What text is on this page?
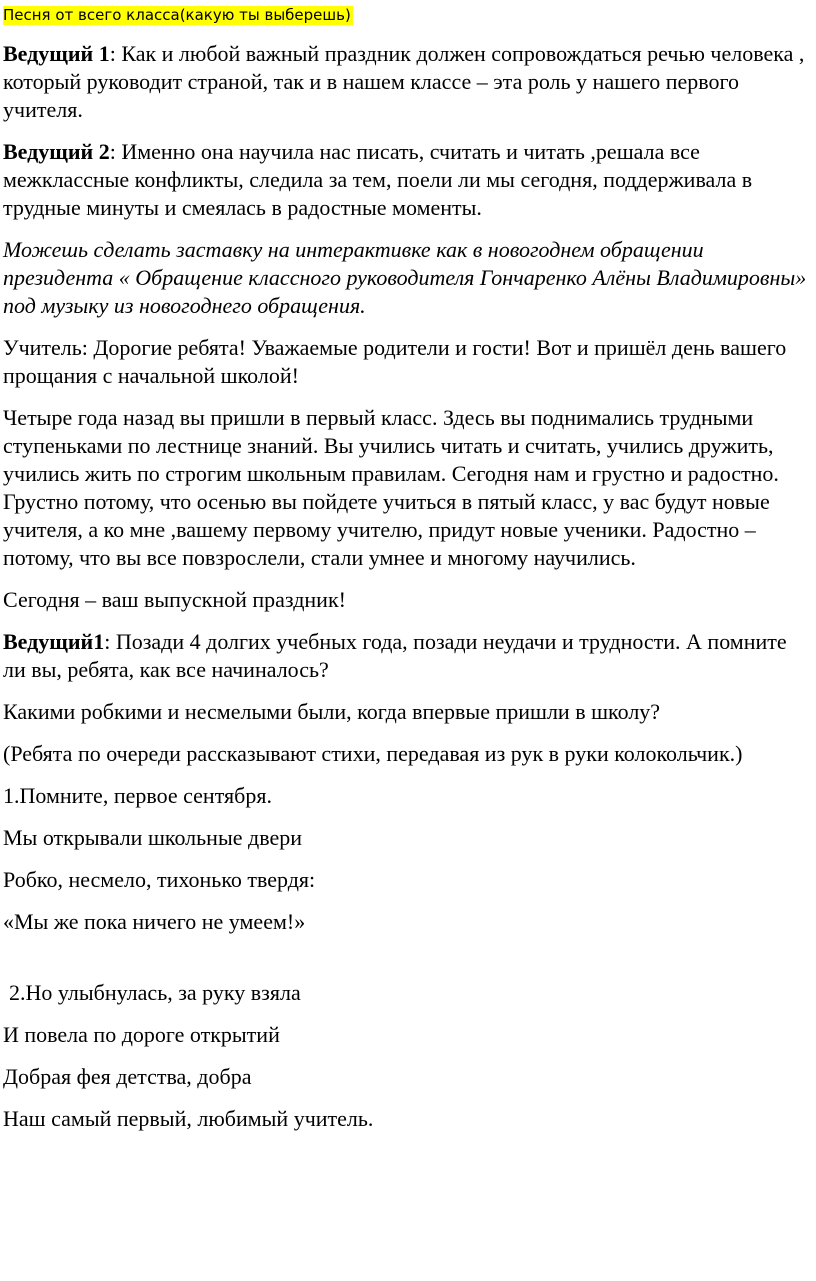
Песня от всего класса(какую ты выберешь)

Ведущий 1: Как и любой важный праздник должен сопровождаться речью человека , который руководит страной, так и в нашем классе – эта роль у нашего первого учителя.

Ведущий 2: Именно она научила нас писать, считать и читать ,решала все межклассные конфликты, следила за тем, поели ли мы сегодня, поддерживала в трудные минуты и смеялась в радостные моменты.

Можешь сделать заставку на интерактивке как в новогоднем обращении президента « Обращение классного руководителя Гончаренко Алёны Владимировны» под музыку из новогоднего обращения.

Учитель: Дорогие ребята! Уважаемые родители и гости! Вот и пришёл день вашего прощания с начальной школой!

Четыре года назад вы пришли в первый класс. Здесь вы поднимались трудными ступеньками по лестнице знаний. Вы учились читать и считать, учились дружить, учились жить по строгим школьным правилам. Сегодня нам и грустно и радостно. Грустно потому, что осенью вы пойдете учиться в пятый класс, у вас будут новые учителя, а ко мне ,вашему первому учителю, придут новые ученики. Радостно – потому, что вы все повзрослели, стали умнее и многому научились.

Сегодня – ваш выпускной праздник!

Ведущий1: Позади 4 долгих учебных года, позади неудачи и трудности. А помните ли вы, ребята, как все начиналось?

Какими робкими и несмелыми были, когда впервые пришли в школу?

(Ребята по очереди рассказывают стихи, передавая из рук в руки колокольчик.)

1.Помните, первое сентября.

Мы открывали школьные двери

Робко, несмело, тихонько твердя:

«Мы же пока ничего не умеем!»

2.Но улыбнулась, за руку взяла

И повела по дороге открытий

Добрая фея детства, добра

Наш самый первый, любимый учитель.
